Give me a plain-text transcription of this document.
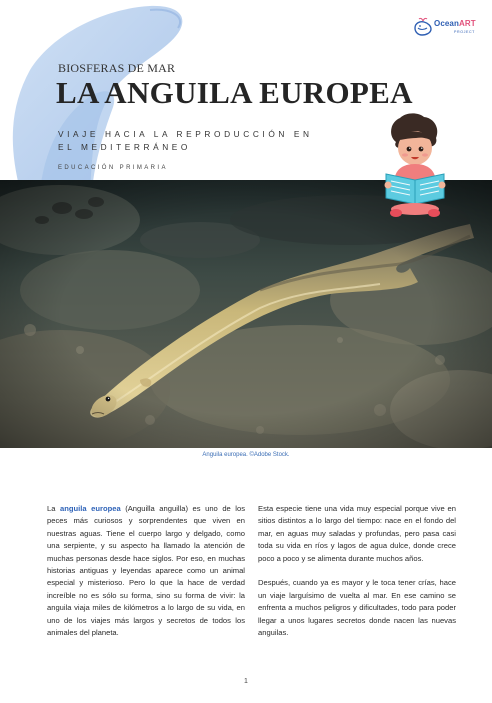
OceanART
PROJECT
BIOSFERAS DE MAR
LA ANGUILA EUROPEA
VIAJE HACIA LA REPRODUCCIÓN EN EL MEDITERRÁNEO
EDUCACIÓN PRIMARIA
Anguila europea. ©Adobe Stock.

La anguila europea (Anguilla anguilla) es uno de los peces más curiosos y sorprendentes que viven en nuestras aguas. Tiene el cuerpo largo y delgado, como una serpiente, y su aspecto ha llamado la atención de muchas personas desde hace siglos. Por eso, en muchas historias antiguas y leyendas aparece como un animal especial y misterioso. Pero lo que la hace de verdad increíble no es sólo su forma, sino su forma de vivir: la anguila viaja miles de kilómetros a lo largo de su vida, en uno de los viajes más largos y secretos de todos los animales del planeta.

Esta especie tiene una vida muy especial porque vive en sitios distintos a lo largo del tiempo: nace en el fondo del mar, en aguas muy saladas y profundas, pero pasa casi toda su vida en ríos y lagos de agua dulce, donde crece poco a poco y se alimenta durante muchos años.

Después, cuando ya es mayor y le toca tener crías, hace un viaje larguísimo de vuelta al mar. En ese camino se enfrenta a muchos peligros y dificultades, todo para poder llegar a unos lugares secretos donde nacen las nuevas anguilas.

1
